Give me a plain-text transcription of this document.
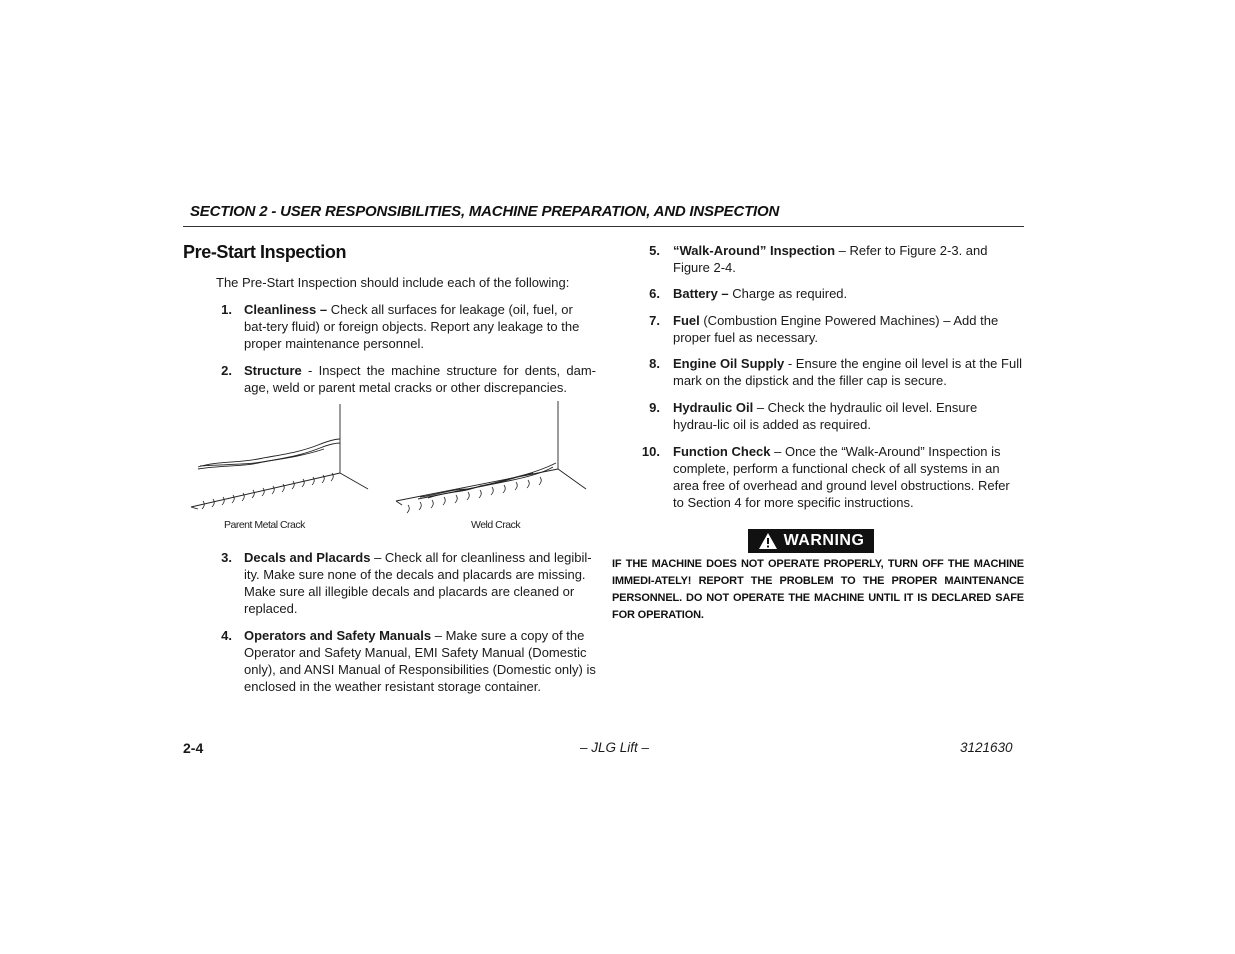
SECTION 2 - USER RESPONSIBILITIES, MACHINE PREPARATION, AND INSPECTION
Pre-Start Inspection
The Pre-Start Inspection should include each of the following:
1. Cleanliness – Check all surfaces for leakage (oil, fuel, or bat-tery fluid) or foreign objects. Report any leakage to the proper maintenance personnel.
2. Structure - Inspect the machine structure for dents, dam-age, weld or parent metal cracks or other discrepancies.
Parent Metal Crack	Weld Crack
3. Decals and Placards – Check all for cleanliness and legibil-ity. Make sure none of the decals and placards are missing. Make sure all illegible decals and placards are cleaned or replaced.
4. Operators and Safety Manuals – Make sure a copy of the Operator and Safety Manual, EMI Safety Manual (Domestic only), and ANSI Manual of Responsibilities (Domestic only) is enclosed in the weather resistant storage container.
5. “Walk-Around” Inspection – Refer to Figure 2-3. and Figure 2-4.
6. Battery – Charge as required.
7. Fuel (Combustion Engine Powered Machines) – Add the proper fuel as necessary.
8. Engine Oil Supply - Ensure the engine oil level is at the Full mark on the dipstick and the filler cap is secure.
9. Hydraulic Oil – Check the hydraulic oil level. Ensure hydrau-lic oil is added as required.
10. Function Check – Once the “Walk-Around” Inspection is complete, perform a functional check of all systems in an area free of overhead and ground level obstructions. Refer to Section 4 for more specific instructions.
WARNING
IF THE MACHINE DOES NOT OPERATE PROPERLY, TURN OFF THE MACHINE IMMEDI-ATELY! REPORT THE PROBLEM TO THE PROPER MAINTENANCE PERSONNEL. DO NOT OPERATE THE MACHINE UNTIL IT IS DECLARED SAFE FOR OPERATION.
2-4	– JLG Lift –	3121630
